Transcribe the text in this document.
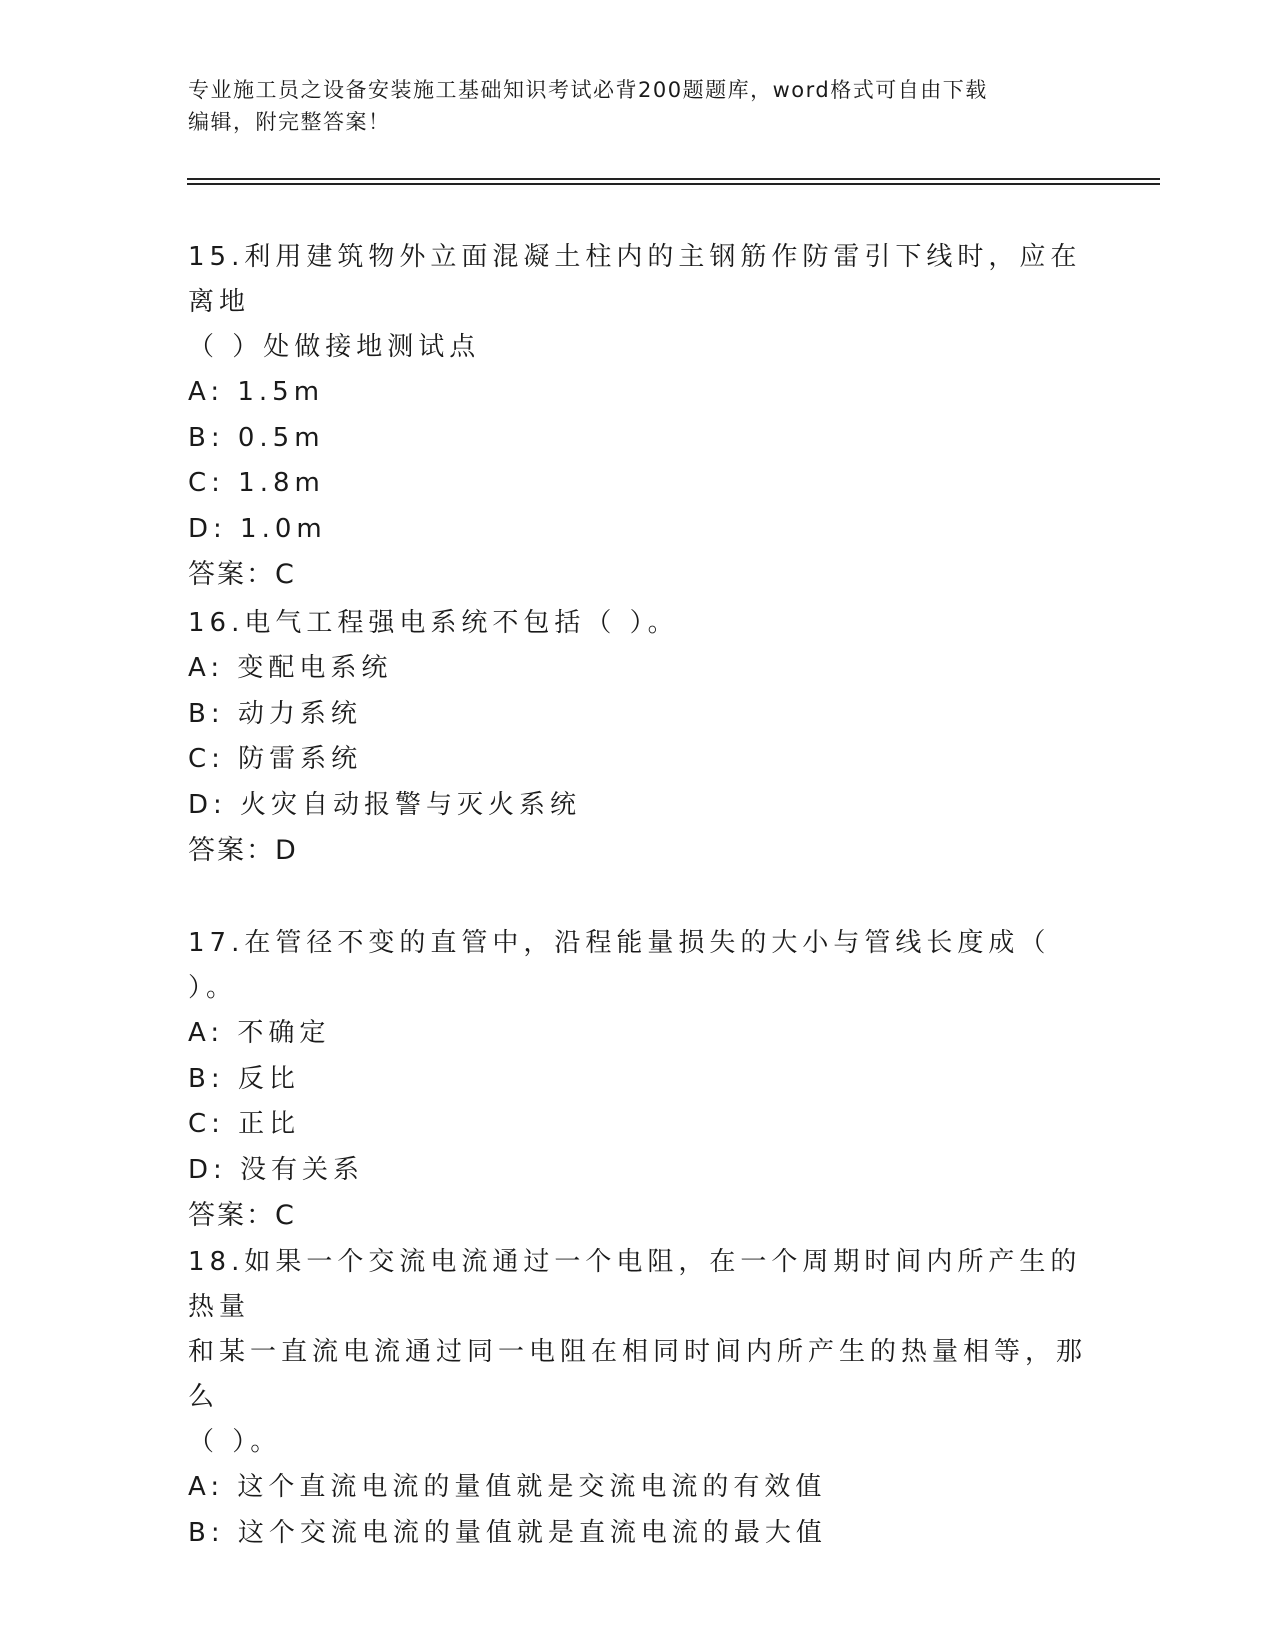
专业施工员之设备安装施工基础知识考试必背200题题库，word格式可自由下载
编辑，附完整答案！
15.利用建筑物外立面混凝土柱内的主钢筋作防雷引下线时，应在离地
（ ）处做接地测试点
A: 1.5m
B: 0.5m
C: 1.8m
D: 1.0m
答案：C
16.电气工程强电系统不包括（ ）。
A: 变配电系统
B: 动力系统
C: 防雷系统
D: 火灾自动报警与灭火系统
答案：D
17.在管径不变的直管中，沿程能量损失的大小与管线长度成（ ）。
A: 不确定
B: 反比
C: 正比
D: 没有关系
答案：C
18.如果一个交流电流通过一个电阻，在一个周期时间内所产生的热量
和某一直流电流通过同一电阻在相同时间内所产生的热量相等，那么
（ ）。
A: 这个直流电流的量值就是交流电流的有效值
B: 这个交流电流的量值就是直流电流的最大值
